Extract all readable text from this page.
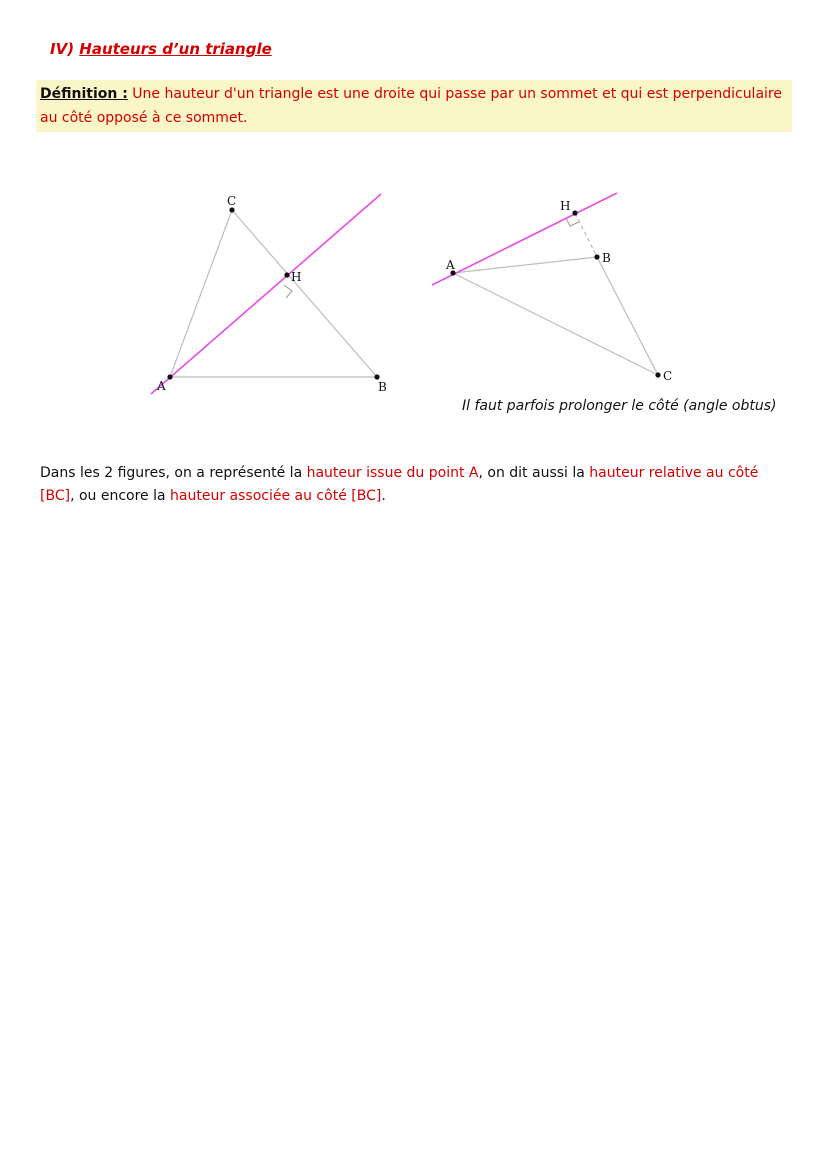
IV) Hauteurs d’un triangle
Définition : Une hauteur d'un triangle est une droite qui passe par un sommet et qui est perpendiculaire
au côté opposé à ce sommet.
A
C
B
H
A	B
C
H
Il faut parfois prolonger le côté (angle obtus)
Dans les 2 figures, on a représenté la hauteur issue du point A, on dit aussi la hauteur relative au côté
[BC], ou encore la hauteur associée au côté [BC].
